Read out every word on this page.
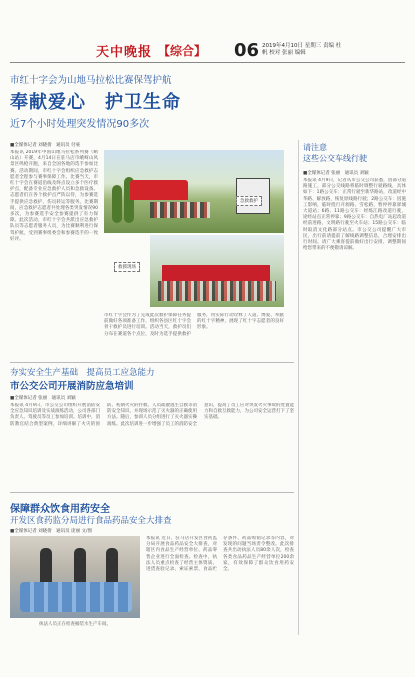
天中晚报 【综合】 06 2019年4月10日 星期三 责编 杜帆 校对 张丽 编辑
市红十字会为山地马拉松比赛保驾护航
奉献爱心　护卫生命
近7个小时处理突发情况90多次
■全媒体记者 刘晓倩　通讯员 付豪
本报讯 2019年中国山地马拉松系列赛（崤山站）开赛，4月14日在驻马店市嵖岈山风景区鸣枪开跑，来自全国各地的选手参加比赛。活动期间，市红十字会组织应急救护志愿者全程参与赛事保障工作。比赛当天，市红十字会在赛道沿线及终点设立多个医疗救护点，配备专业应急救护人员和急救设备。志愿者们在各个救护点严阵以待，为参赛选手提供应急救护、伤员转运等服务。比赛期间，应急救护志愿者共处理各类突发情况90多次，为参赛选手安全参赛提供了有力保障。此次活动，市红十字会共派出应急救护队员等志愿者服务人员，为比赛顺利进行保驾护航，受到赛事组委会和参赛选手的一致好评。
急救救护
救援现场
市红十字会作为了完成此次救护保障任务提前做好各项准备工作，组织各县区红十字会骨干救护员进行培训。活动当天，救护员们分布在赛道各个点位，及时为选手提供救护服务，用实际行动诠释了人道、博爱、奉献的红十字精神，展现了红十字志愿者的良好形象。
夯实安全生产基础　提高员工应急能力
市公交公司开展消防应急培训
■全媒体记者 张丽　通讯员 刘颖
本报讯 4月9日，市公交公司组织开展消防安全应急知识培训及实战演练活动，公司各部门负责人、驾驶员等员工参加培训。培训中，消防教官结合典型案例，详细讲解了火灾的预防、初期火灾的扑救、人员疏散逃生自救等消防安全知识，并现场示范了灭火器的正确使用方法。随后，参训人员分组进行了灭火器实操演练。此次培训进一步增强了员工的消防安全意识，提高了员工应对突发火灾事故的处置能力和自救互救能力，为公司安全运营打下了坚实基础。
保障群众饮食用药安全
开发区食药监分局进行食品药品安全大排查
■全媒体记者 刘晓倩　通讯员 庞丽 文/图
执法人员正在检查桶装水生产车间。
本报讯 近日，驻马店开发区食药监分局开展食品药品安全大排查，对辖区内食品生产经营单位、药品零售企业进行全面检查。检查中，执法人员重点检查了经营主体资质、进货查验记录、索证索票、食品贮存条件、药品购销记录等内容，对发现的问题当场责令整改。此次排查共出动执法人员80余人次，检查各类食品药品生产经营单位200余家，有效保障了群众饮食用药安全。
请注意
这些公交车线行驶
■全媒体记者 张丽　通讯员 刘颖
本报讯 4月9日，记者从市公交公司获悉，因部分道路施工，部分公交线路将临时调整行驶路线，具体如下：1路公交车：正常行驶至新华路站，改道经中华路、解放路，恢复原线路行驶；2路公交车：因施工影响，临时绕行开源路、雪松路，暂停停靠驿城大道站；6路、11路公交车：经练江路改道行驶，途经站点正常停靠；9路公交车：自热电厂站起改道经前进路、文明路行驶至火车站；15路公交车：临时取消文化路部分站点。市公交公司提醒广大市民，出行前请提前了解线路调整信息，合理安排出行时间。请广大乘客提前做好出行安排，调整期间给您带来的不便敬请谅解。
